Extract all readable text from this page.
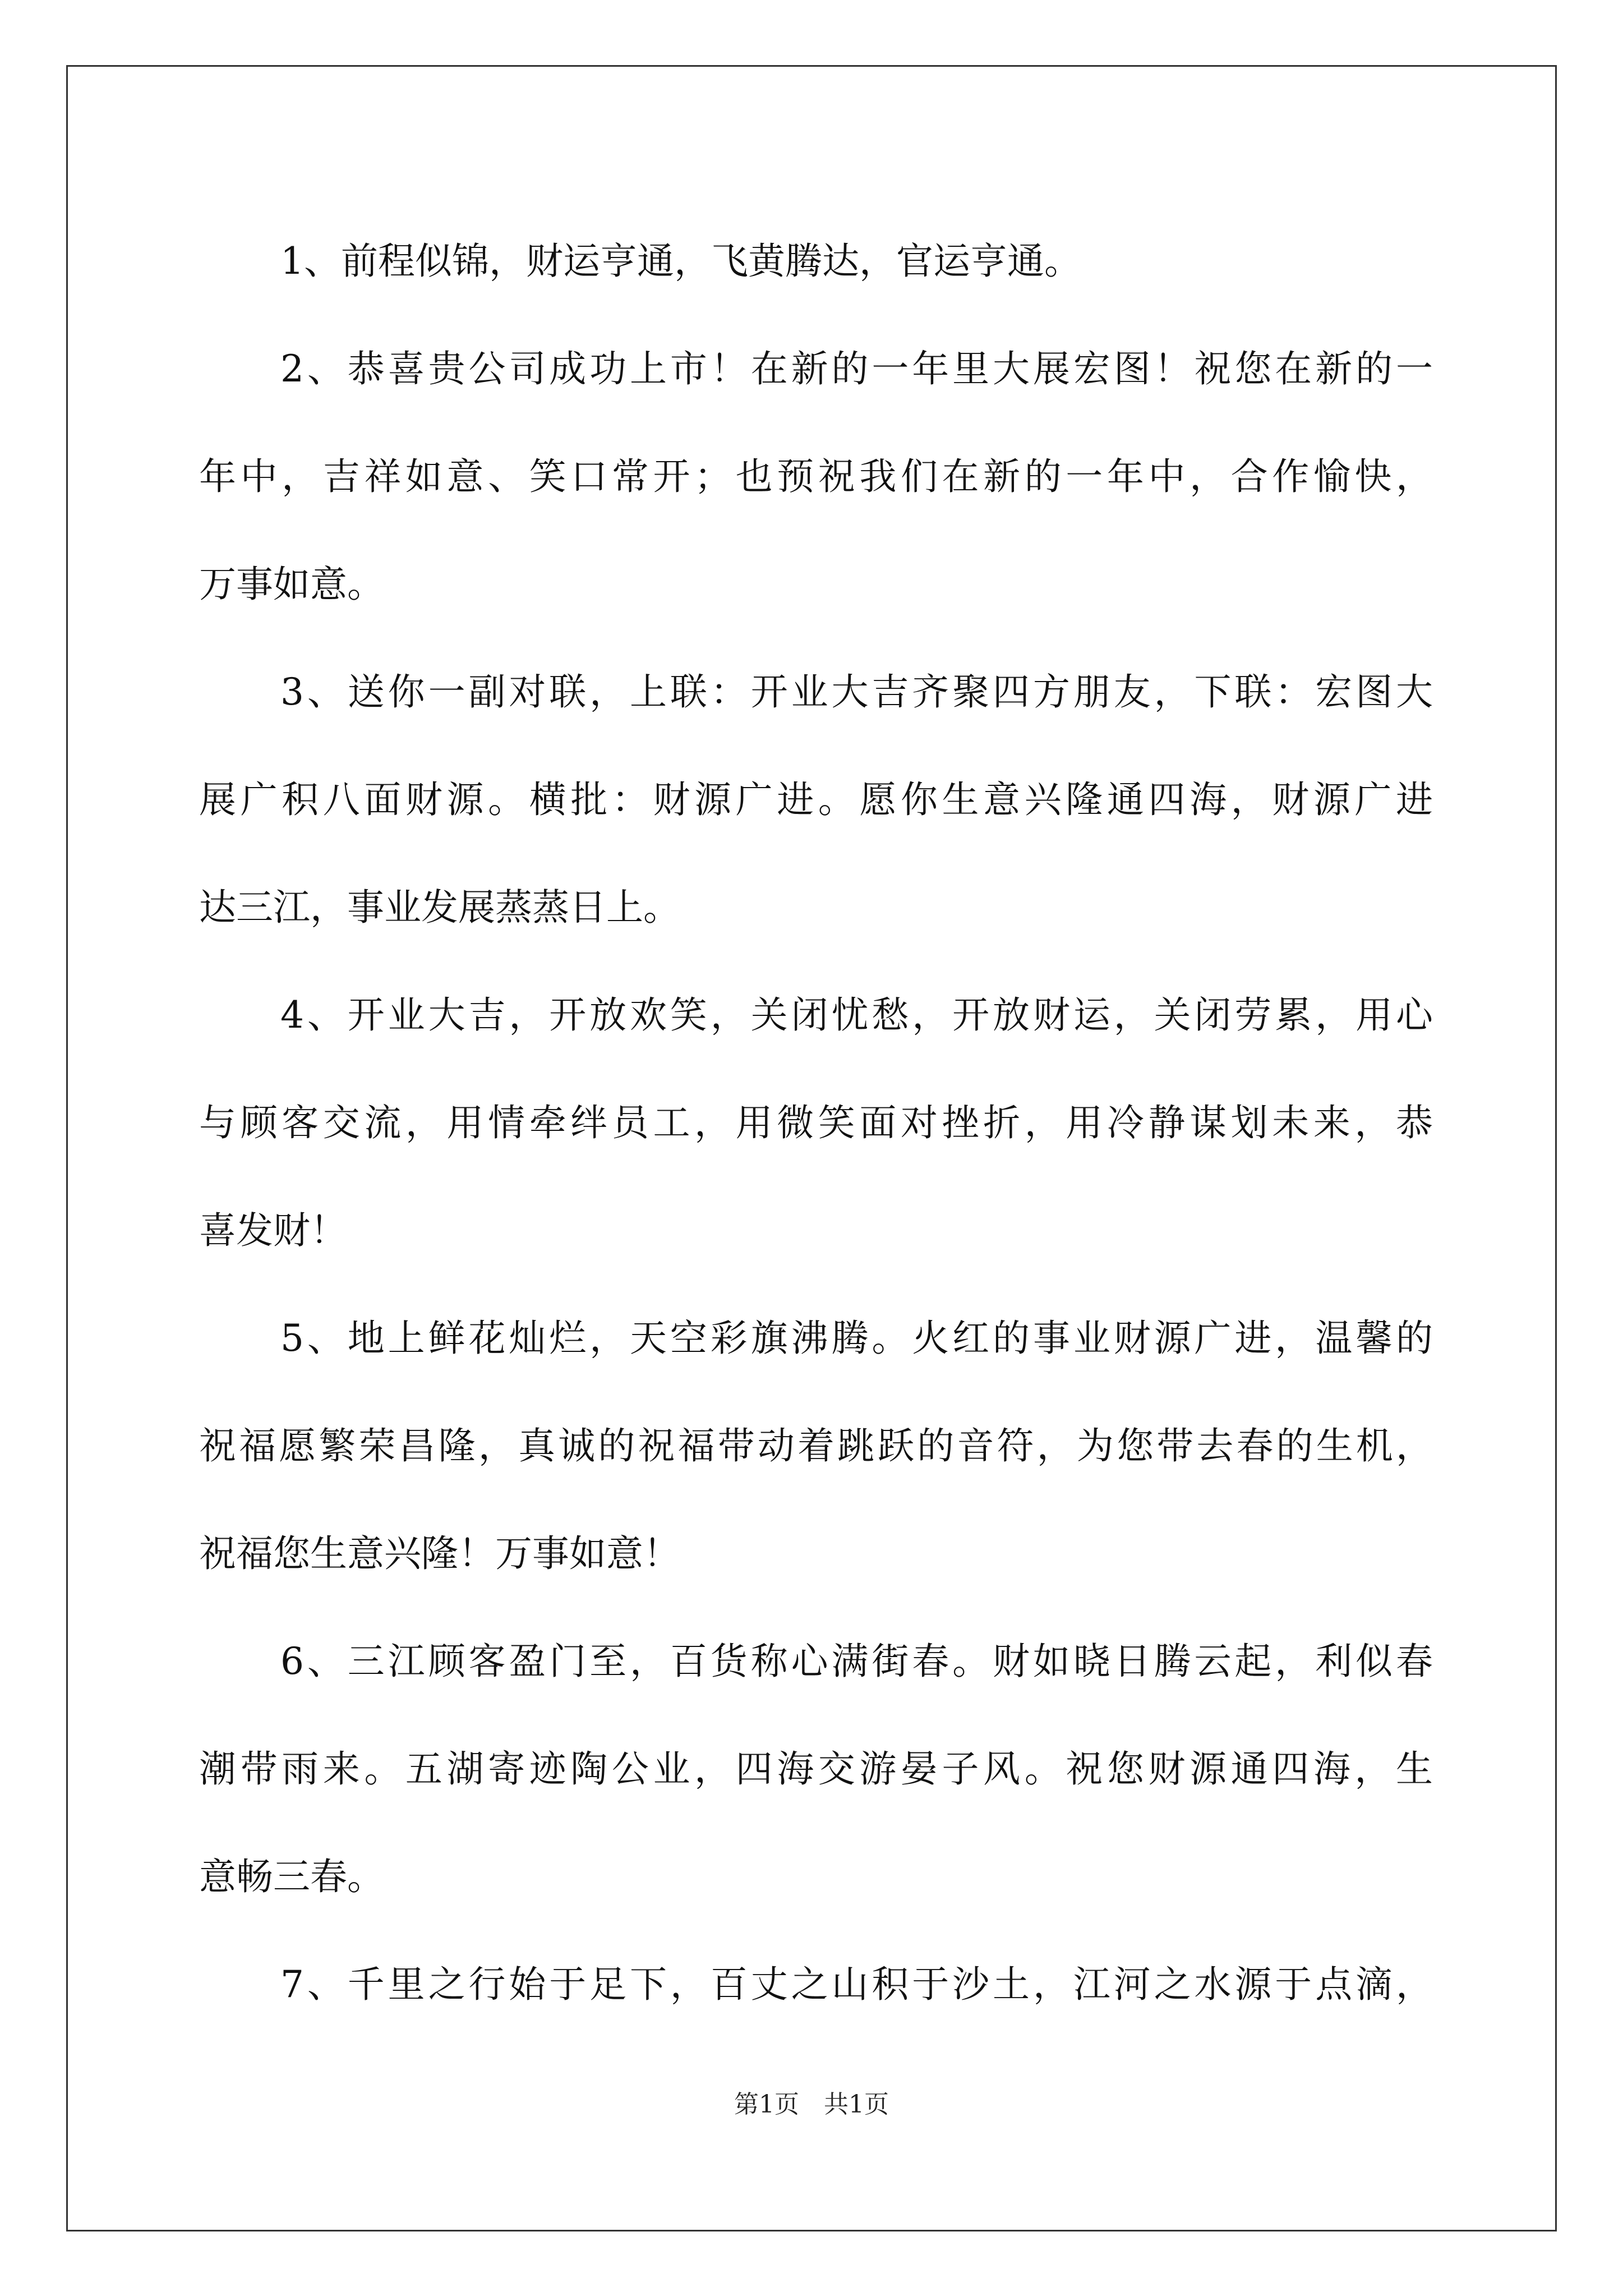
1、前程似锦，财运亨通，飞黄腾达，官运亨通。
2、恭喜贵公司成功上市！在新的一年里大展宏图！祝您在新的一
年中，吉祥如意、笑口常开；也预祝我们在新的一年中，合作愉快，
万事如意。
3、送你一副对联，上联：开业大吉齐聚四方朋友，下联：宏图大
展广积八面财源。横批：财源广进。愿你生意兴隆通四海，财源广进
达三江，事业发展蒸蒸日上。
4、开业大吉，开放欢笑，关闭忧愁，开放财运，关闭劳累，用心
与顾客交流，用情牵绊员工，用微笑面对挫折，用冷静谋划未来，恭
喜发财！
5、地上鲜花灿烂，天空彩旗沸腾。火红的事业财源广进，温馨的
祝福愿繁荣昌隆，真诚的祝福带动着跳跃的音符，为您带去春的生机，
祝福您生意兴隆！万事如意！
6、三江顾客盈门至，百货称心满街春。财如晓日腾云起，利似春
潮带雨来。五湖寄迹陶公业，四海交游晏子风。祝您财源通四海，生
意畅三春。
7、千里之行始于足下，百丈之山积于沙土，江河之水源于点滴，
第1页　共1页
